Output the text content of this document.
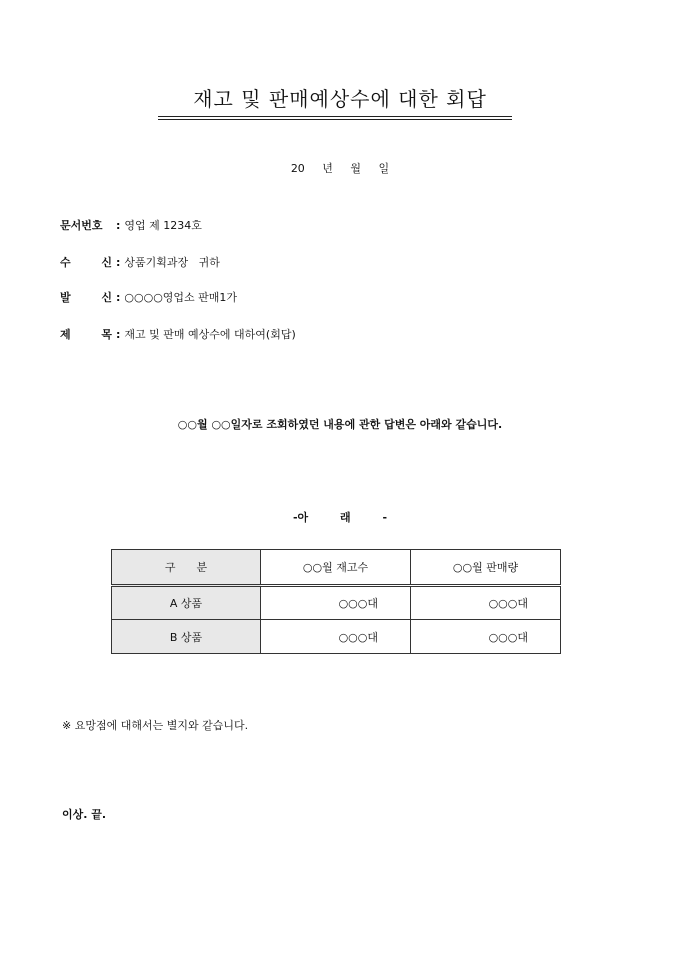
재고 및 판매예상수에 대한 회답
20 년 월 일
문서번호 : 영업 제 1234호
수	신 : 상품기획과장   귀하
발	신 : ○○○○영업소 판매1가
제	목 : 재고 및 판매 예상수에 대하여(회답)
○○월 ○○일자로 조회하였던 내용에 관한 답변은 아래와 같습니다.
-아 래 -
구      분	○○월 재고수	○○월 판매량
A 상품	○○○대	○○○대
B 상품	○○○대	○○○대
※ 요망점에 대해서는 별지와 같습니다.
이상. 끝.
